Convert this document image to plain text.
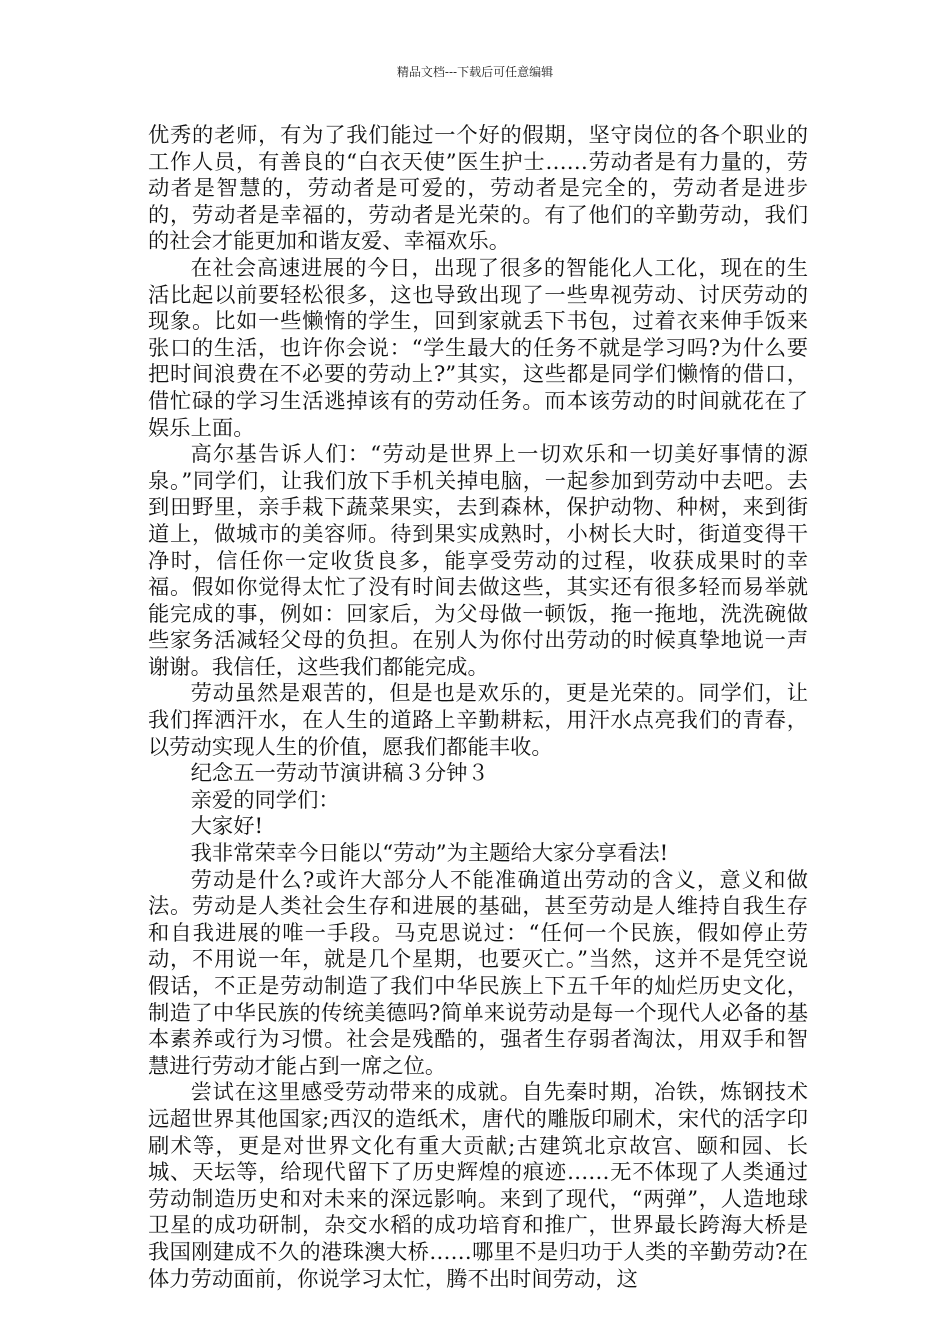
精品文档---下载后可任意编辑

优秀的老师，有为了我们能过一个好的假期，坚守岗位的各个职业的工作人员，有善良的“白衣天使”医生护士……劳动者是有力量的，劳动者是智慧的，劳动者是可爱的，劳动者是完全的，劳动者是进步的，劳动者是幸福的，劳动者是光荣的。有了他们的辛勤劳动，我们的社会才能更加和谐友爱、幸福欢乐。

在社会高速进展的今日，出现了很多的智能化人工化，现在的生活比起以前要轻松很多，这也导致出现了一些卑视劳动、讨厌劳动的现象。比如一些懒惰的学生，回到家就丢下书包，过着衣来伸手饭来张口的生活，也许你会说：“学生最大的任务不就是学习吗?为什么要把时间浪费在不必要的劳动上?”其实，这些都是同学们懒惰的借口，借忙碌的学习生活逃掉该有的劳动任务。而本该劳动的时间就花在了娱乐上面。

高尔基告诉人们：“劳动是世界上一切欢乐和一切美好事情的源泉。”同学们，让我们放下手机关掉电脑，一起参加到劳动中去吧。去到田野里，亲手栽下蔬菜果实，去到森林，保护动物、种树，来到街道上，做城市的美容师。待到果实成熟时，小树长大时，街道变得干净时，信任你一定收货良多，能享受劳动的过程，收获成果时的幸福。假如你觉得太忙了没有时间去做这些，其实还有很多轻而易举就能完成的事，例如：回家后，为父母做一顿饭，拖一拖地，洗洗碗做些家务活减轻父母的负担。在别人为你付出劳动的时候真挚地说一声谢谢。我信任，这些我们都能完成。

劳动虽然是艰苦的，但是也是欢乐的，更是光荣的。同学们，让我们挥洒汗水，在人生的道路上辛勤耕耘，用汗水点亮我们的青春，以劳动实现人生的价值，愿我们都能丰收。

纪念五一劳动节演讲稿３分钟３

亲爱的同学们：

大家好!

我非常荣幸今日能以“劳动”为主题给大家分享看法!

劳动是什么?或许大部分人不能准确道出劳动的含义，意义和做法。劳动是人类社会生存和进展的基础，甚至劳动是人维持自我生存和自我进展的唯一手段。马克思说过：“任何一个民族，假如停止劳动，不用说一年，就是几个星期，也要灭亡。”当然，这并不是凭空说假话，不正是劳动制造了我们中华民族上下五千年的灿烂历史文化，制造了中华民族的传统美德吗?简单来说劳动是每一个现代人必备的基本素养或行为习惯。社会是残酷的，强者生存弱者淘汰，用双手和智慧进行劳动才能占到一席之位。

尝试在这里感受劳动带来的成就。自先秦时期，冶铁，炼钢技术远超世界其他国家;西汉的造纸术，唐代的雕版印刷术，宋代的活字印刷术等，更是对世界文化有重大贡献;古建筑北京故宫、颐和园、长城、天坛等，给现代留下了历史辉煌的痕迹……无不体现了人类通过劳动制造历史和对未来的深远影响。来到了现代，“两弹”，人造地球卫星的成功研制，杂交水稻的成功培育和推广，世界最长跨海大桥是我国刚建成不久的港珠澳大桥……哪里不是归功于人类的辛勤劳动?在体力劳动面前，你说学习太忙，腾不出时间劳动，这
